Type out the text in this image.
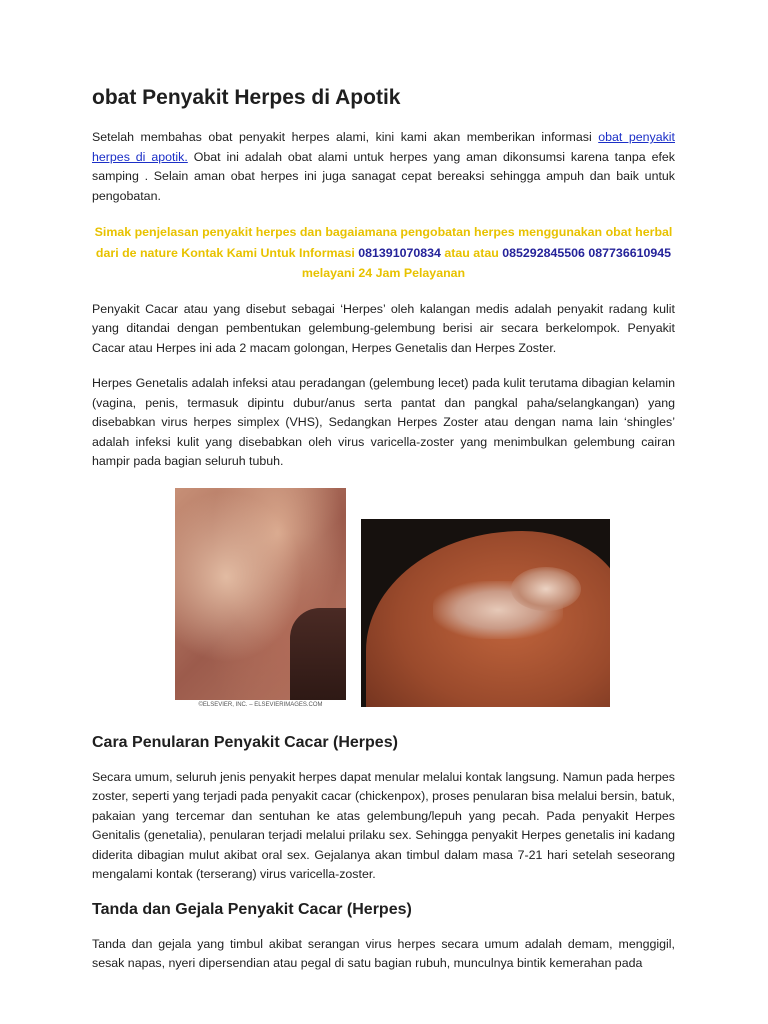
obat Penyakit Herpes di Apotik

Setelah membahas obat penyakit herpes alami, kini kami akan memberikan informasi obat penyakit herpes di apotik. Obat ini adalah obat alami untuk herpes yang aman dikonsumsi karena tanpa efek samping . Selain aman obat herpes ini juga sanagat cepat bereaksi sehingga ampuh dan baik untuk pengobatan.

Simak penjelasan penyakit herpes dan bagaiamana pengobatan herpes menggunakan obat herbal dari de nature Kontak Kami Untuk Informasi 081391070834 atau atau 085292845506 087736610945 melayani 24 Jam Pelayanan

Penyakit Cacar atau yang disebut sebagai ‘Herpes’ oleh kalangan medis adalah penyakit radang kulit yang ditandai dengan pembentukan gelembung-gelembung berisi air secara berkelompok. Penyakit Cacar atau Herpes ini ada 2 macam golongan, Herpes Genetalis dan Herpes Zoster.

Herpes Genetalis adalah infeksi atau peradangan (gelembung lecet) pada kulit terutama dibagian kelamin (vagina, penis, termasuk dipintu dubur/anus serta pantat dan pangkal paha/selangkangan) yang disebabkan virus herpes simplex (VHS), Sedangkan Herpes Zoster atau dengan nama lain ‘shingles’ adalah infeksi kulit yang disebabkan oleh virus varicella-zoster yang menimbulkan gelembung cairan hampir pada bagian seluruh tubuh.

©ELSEVIER, INC. – ELSEVIERIMAGES.COM
Cara Penularan Penyakit Cacar (Herpes)

Secara umum, seluruh jenis penyakit herpes dapat menular melalui kontak langsung. Namun pada herpes zoster, seperti yang terjadi pada penyakit cacar (chickenpox), proses penularan bisa melalui bersin, batuk, pakaian yang tercemar dan sentuhan ke atas gelembung/lepuh yang pecah. Pada penyakit Herpes Genitalis (genetalia), penularan terjadi melalui prilaku sex. Sehingga penyakit Herpes genetalis ini kadang diderita dibagian mulut akibat oral sex. Gejalanya akan timbul dalam masa 7-21 hari setelah seseorang mengalami kontak (terserang) virus varicella-zoster.

Tanda dan Gejala Penyakit Cacar (Herpes)

Tanda dan gejala yang timbul akibat serangan virus herpes secara umum adalah demam, menggigil, sesak napas, nyeri dipersendian atau pegal di satu bagian rubuh, munculnya bintik kemerahan pada
